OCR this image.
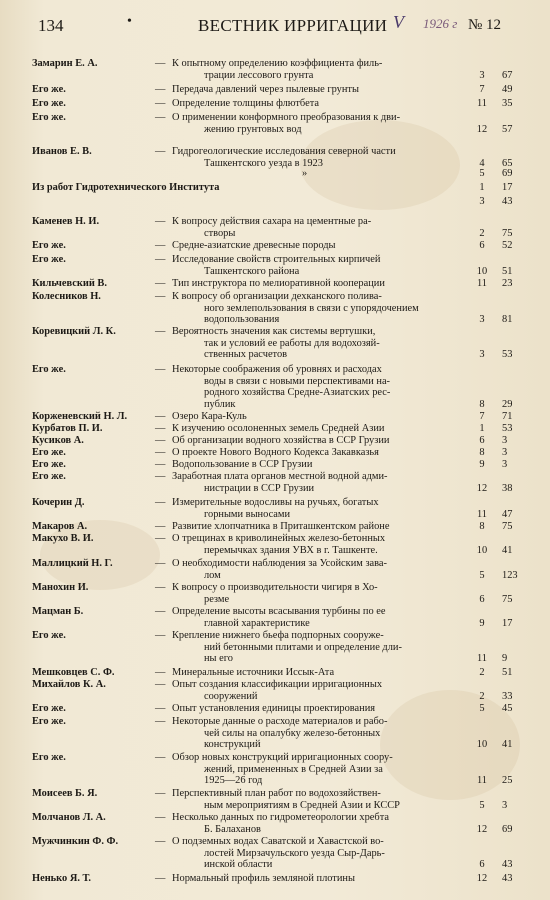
134	•	ВЕСТНИК ИРРИГАЦИИ V 1926 г № 12
Замарин Е. А.	— К опытному определению коэффициента филь-
трации лессового грунта	3	67
Его же.	— Передача давлений через пылевые грунты	7	49
Его же.	— Определение толщины флютбета	11 35
Его же.	— О применении конформного преобразования к дви-
жению грунтовых вод	12 57
Иванов Е. В.	— Гидрогеологические исследования северной части
Ташкентского уезда в 1923	4	65
»	5	69
Из работ Гидротехнического Института	1	17
3	43
Каменев Н. И.	— К вопросу действия сахара на цементные ра-
створы	2	75
Его же.	— Средне-азиатские древесные породы	6	52
Его же.	— Исследование свойств строительных кирпичей
Ташкентского района	10 51
Кильчевский В.	— Тип инструктора по мелиоративной кооперации	11 23
Колесников Н.	— К вопросу об организации дехканского полива-
ного землепользования в связи с упорядочением
водопользования	3	81
Коревицкий Л. К.	— Вероятность значения как системы вертушки,
так и условий ее работы для водохозяй-
ственных расчетов	3	53
Его же.	— Некоторые соображения об уровнях и расходах
воды в связи с новыми перспективами на-
родного хозяйства Средне-Азиатских рес-
публик	8	29
Корженевский Н. Л.	— Озеро Кара-Куль	7	71
Курбатов П. И.	— К изучению осолоненных земель Средней Азии	1	53
Кусиков А.	— Об организации водного хозяйства в ССР Грузии	6	3
Его же.	— О проекте Нового Водного Кодекса Закавказья	8	3
Его же.	— Водопользование в ССР Грузии	9	3
Его же.	— Заработная плата органов местной водной адми-
нистрации в ССР Грузии	12 38
Кочерин Д.	— Измерительные водосливы на ручьях, богатых
горными выносами	11 47
Макаров А.	— Развитие хлопчатника в Приташкентском районе	8	75
Макухо В. И.	— О трещинах в криволинейных железо-бетонных
перемычках здания УВХ в г. Ташкенте.	10 41
Маллицкий Н. Г.	— О необходимости наблюдения за Усойским зава-
лом	5	123
Манохин И.	— К вопросу о производительности чигиря в Хо-
резме	6	75
Мацман Б.	— Определение высоты всасывания турбины по ее
главной характеристике	9	17
Его же.	— Крепление нижнего бьефа подпорных сооруже-
ний бетонными плитами и определение дли-
ны его	11 9
Мешковцев С. Ф.	— Минеральные источники Иссык-Ата	2	51
Михайлов К. А.	— Опыт создания классификации ирригационных
сооружений	2	33
Его же.	— Опыт установления единицы проектирования	5	45
Его же.	— Некоторые данные о расходе материалов и рабо-
чей силы на опалубку железо-бетонных
конструкций	10 41
Его же.	— Обзор новых конструкций ирригационных соору-
жений, примененных в Средней Азии за
1925—26 год	11 25
Моисеев Б. Я.	— Перспективный план работ по водохозяйствен-
ным мероприятиям в Средней Азии и КССР	5	3
Молчанов Л. А.	— Несколько данных по гидрометеорологии хребта
Б. Балаханов	12 69
Мужчинкин Ф. Ф.	— О подземных водах Саватской и Хавастской во-
лостей Мирзачульского уезда Сыр-Дарь-
инской области	6	43
Ненько Я. Т.	— Нормальный профиль земляной плотины	12 43
